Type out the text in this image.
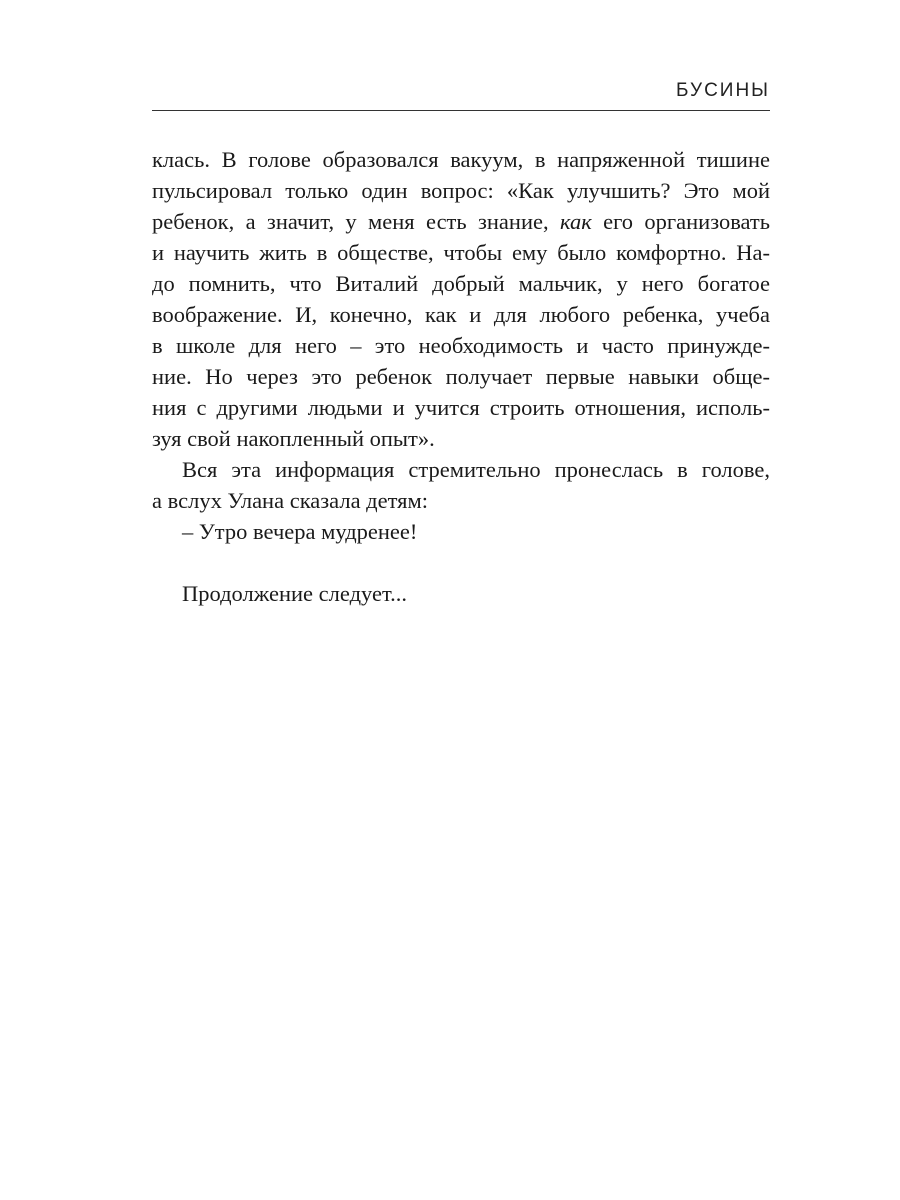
БУСИНЫ
клась. В голове образовался вакуум, в напряженной тишине
пульсировал только один вопрос: «Как улучшить? Это мой
ребенок, а значит, у меня есть знание, как его организовать
и научить жить в обществе, чтобы ему было комфортно. На-
до помнить, что Виталий добрый мальчик, у него богатое
воображение. И, конечно, как и для любого ребенка, учеба
в школе для него – это необходимость и часто принужде-
ние. Но через это ребенок получает первые навыки обще-
ния с другими людьми и учится строить отношения, исполь-
зуя свой накопленный опыт».
Вся эта информация стремительно пронеслась в голове,
а вслух Улана сказала детям:
– Утро вечера мудренее!
Продолжение следует...
